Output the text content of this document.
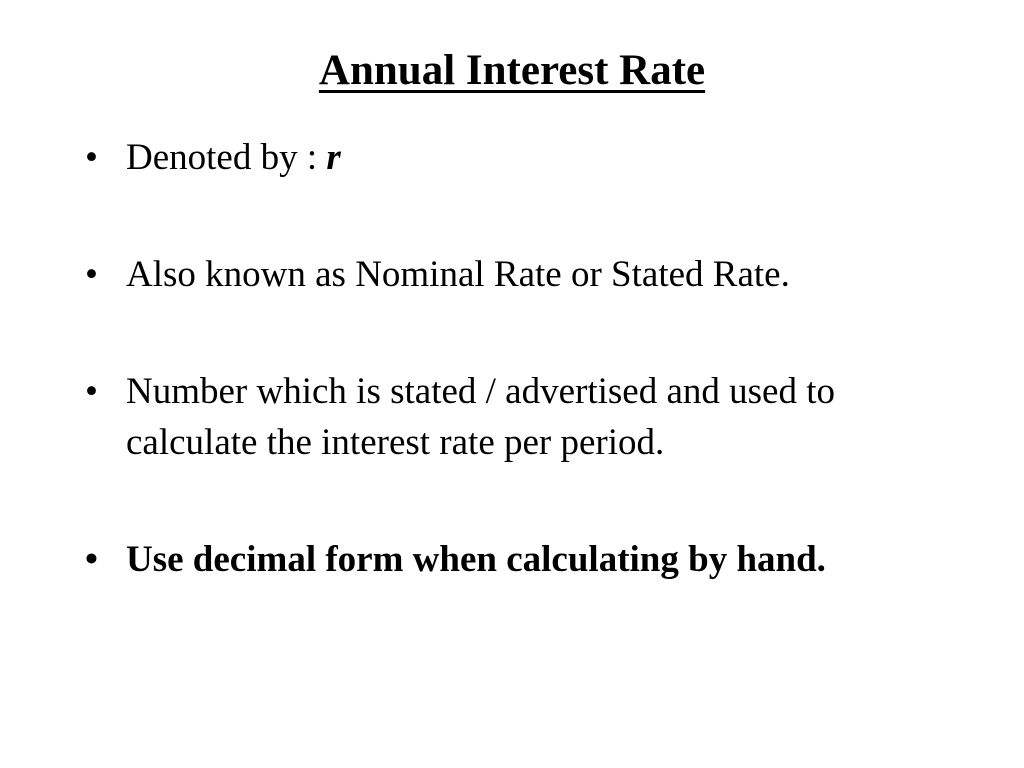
Annual Interest Rate
• Denoted by : r
• Also known as Nominal Rate or Stated Rate.
• Number which is stated / advertised and used to calculate the interest rate per period.
• Use decimal form when calculating by hand.
